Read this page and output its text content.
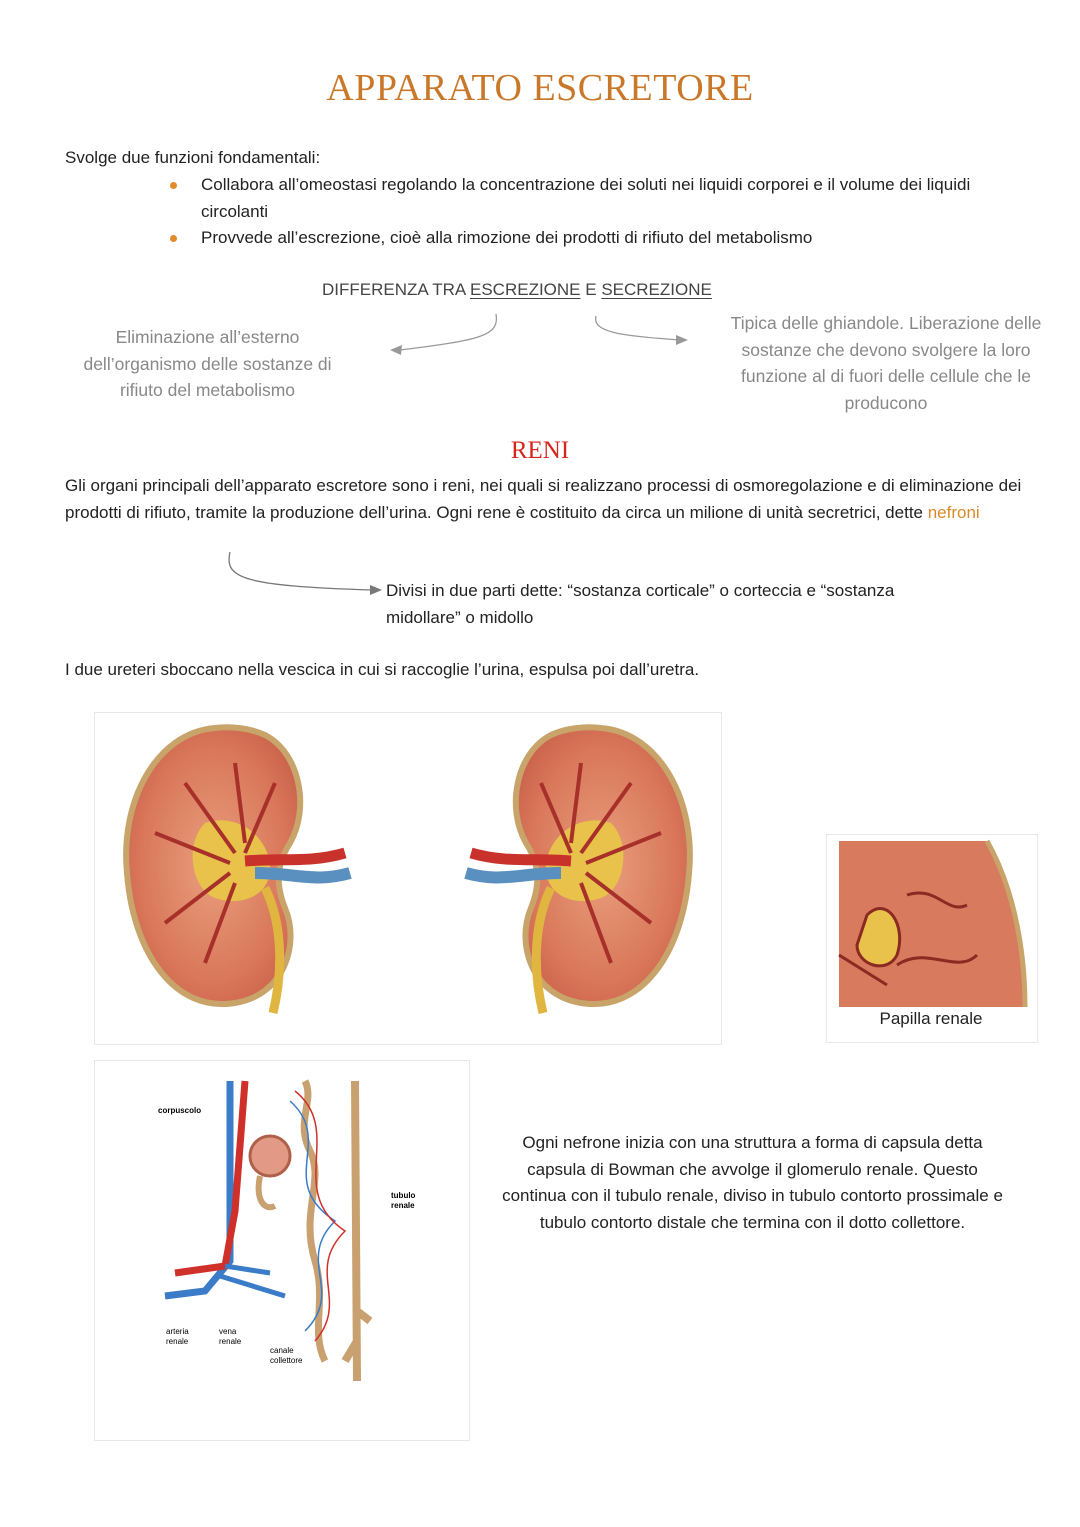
APPARATO ESCRETORE
Svolge due funzioni fondamentali:
Collabora all’omeostasi regolando la concentrazione dei soluti nei liquidi corporei e il volume dei liquidi circolanti
Provvede all’escrezione, cioè alla rimozione dei prodotti di rifiuto del metabolismo
DIFFERENZA TRA ESCREZIONE E SECREZIONE
Eliminazione all’esterno dell’organismo delle sostanze di rifiuto del metabolismo
Tipica delle ghiandole. Liberazione delle sostanze che devono svolgere la loro funzione al di fuori delle cellule che le producono
RENI
Gli organi principali dell’apparato escretore sono i reni, nei quali si realizzano processi di osmoregolazione e di eliminazione dei prodotti di rifiuto, tramite la produzione dell’urina. Ogni rene è costituito da circa un milione di unità secretrici, dette nefroni
Divisi in due parti dette: “sostanza corticale” o corteccia e “sostanza midollare” o midollo
I due ureteri sboccano nella vescica in cui si raccoglie l’urina, espulsa poi dall’uretra.
Papilla renale
corpuscolo
tubulo
renale
arteria
renale
vena
renale
canale
collettore
Ogni nefrone inizia con una struttura a forma di capsula detta capsula di Bowman che avvolge il glomerulo renale. Questo continua con il tubulo renale, diviso in tubulo contorto prossimale e tubulo contorto distale che termina con il dotto collettore.
